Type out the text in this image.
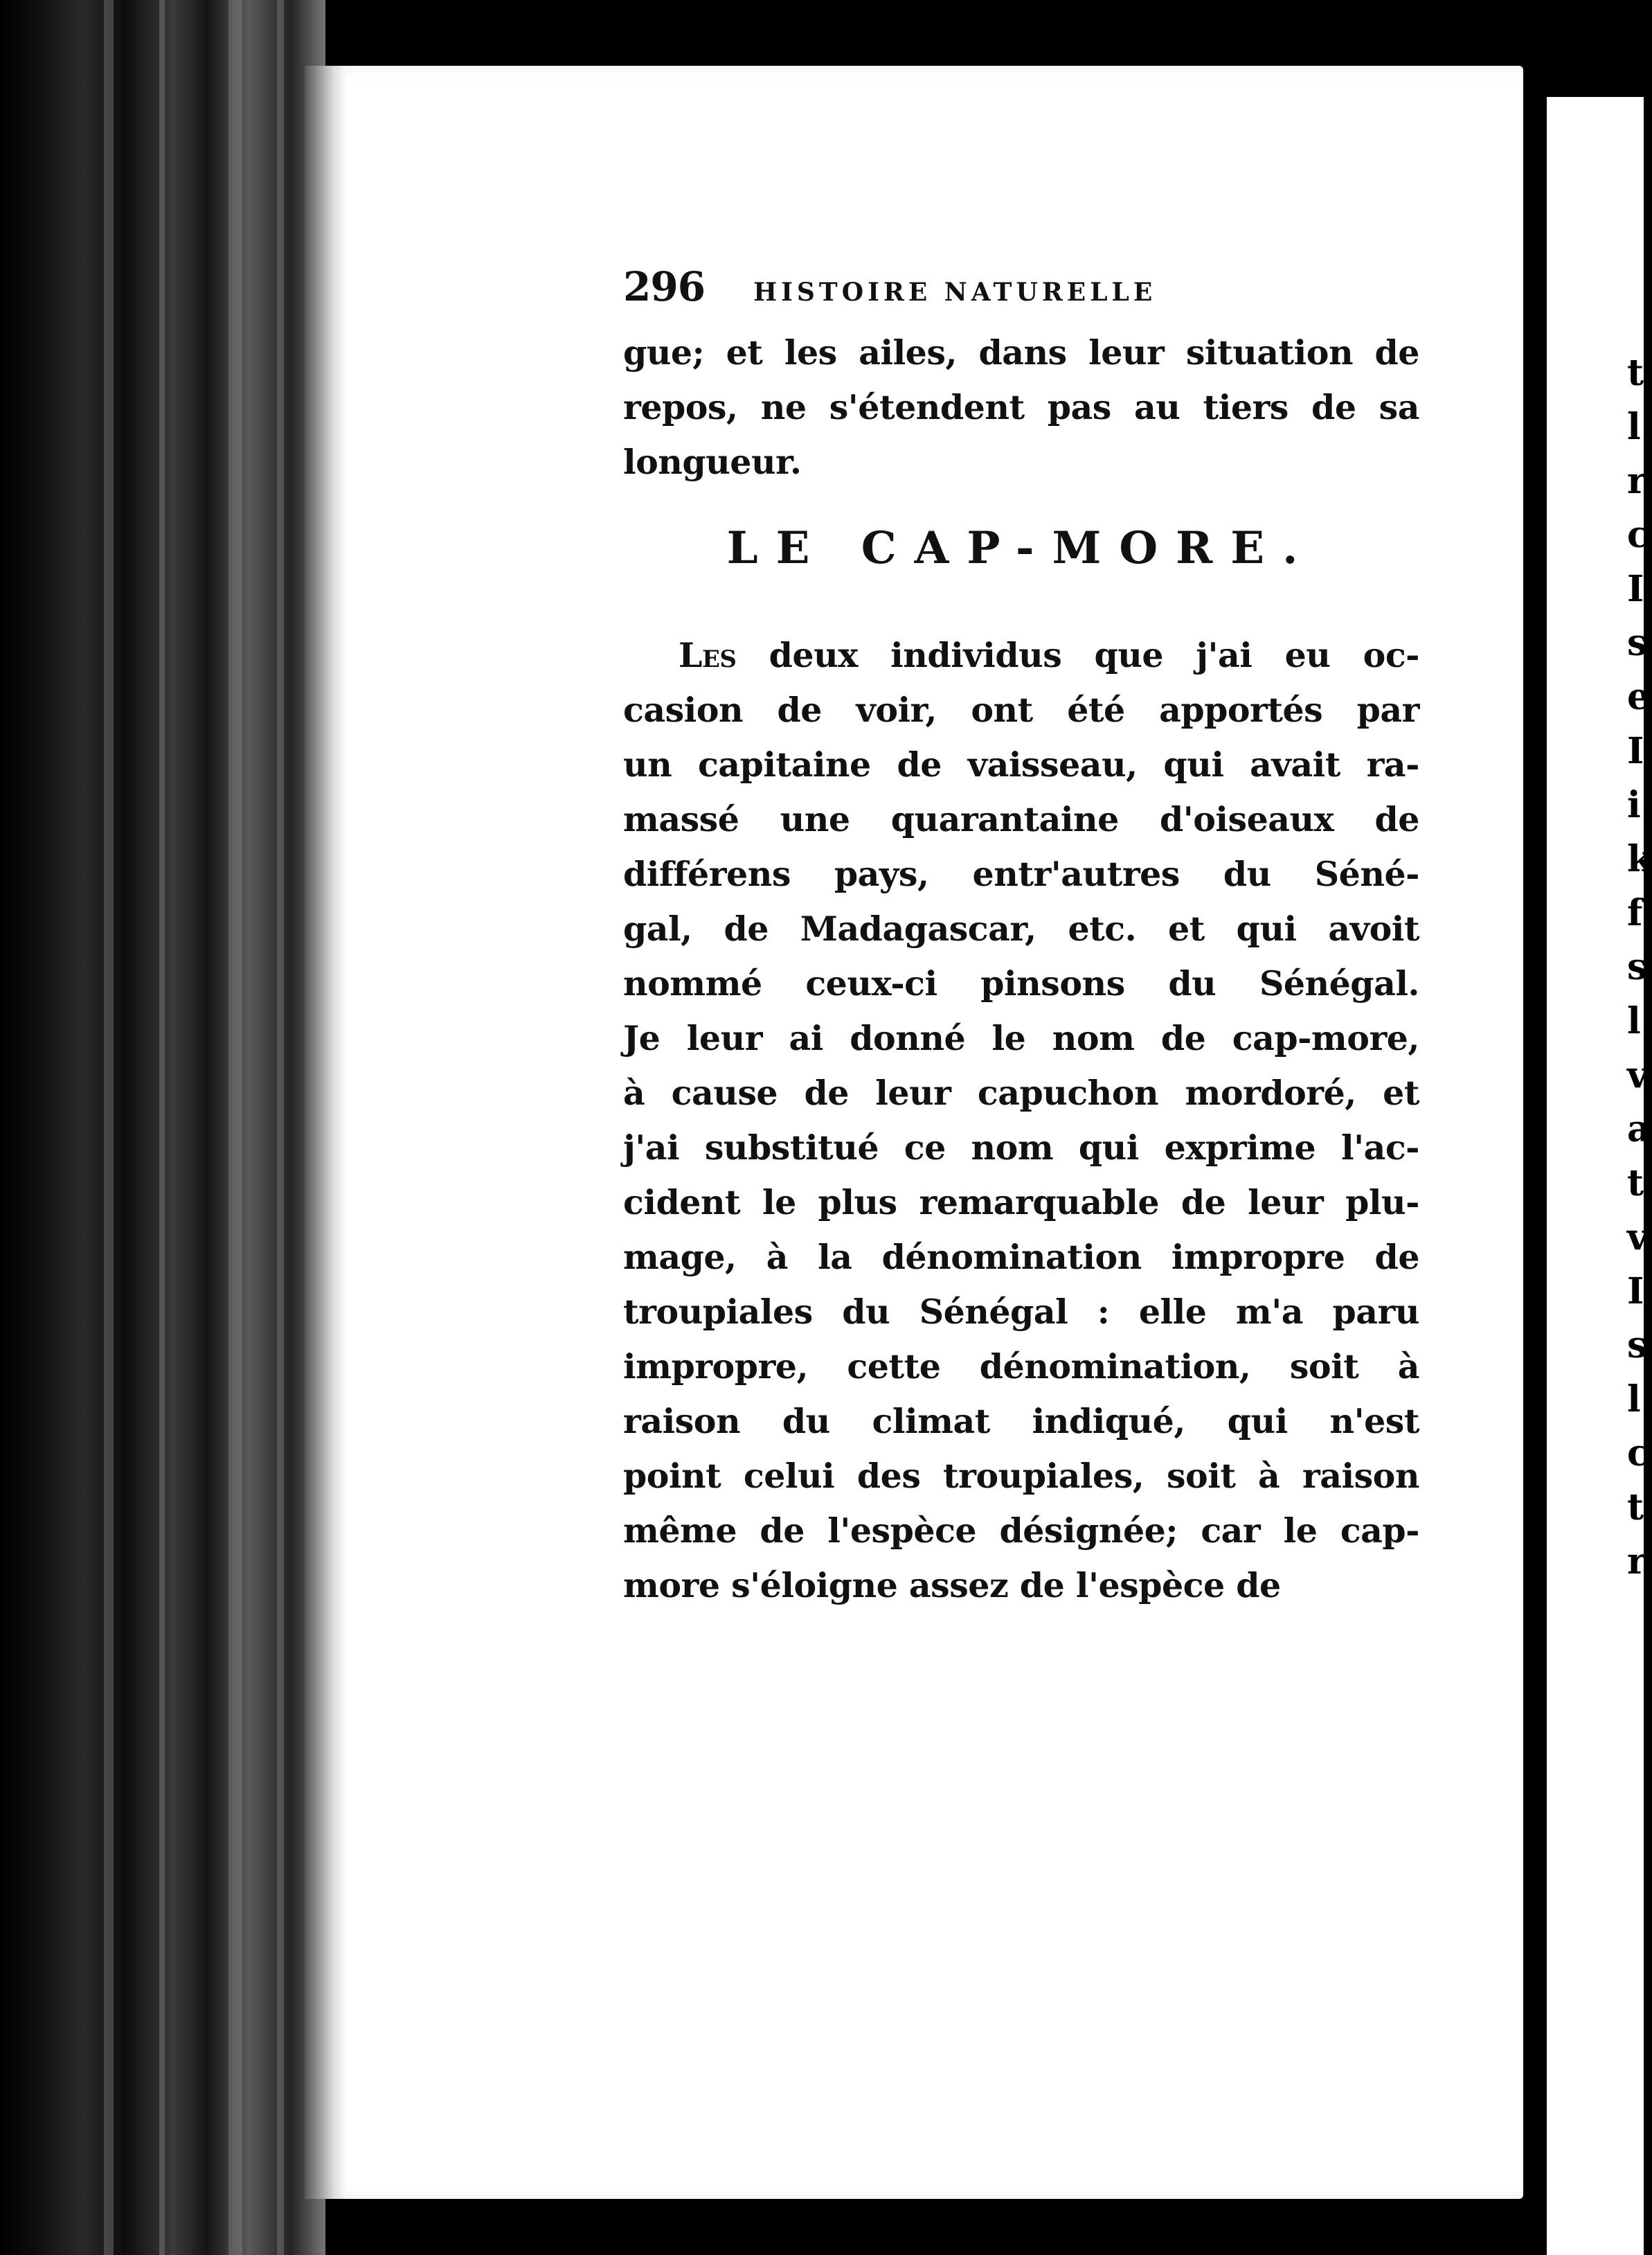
t
l
r
c
I
s
e
I
i
k
f
s
l
v
a
t
v
I
s
l
c
t
r
296 HISTOIRE NATURELLE
gue; et les ailes, dans leur situation de
repos, ne s'étendent pas au tiers de sa
longueur.
LE CAP-MORE.
Les deux individus que j'ai eu oc-
casion de voir, ont été apportés par
un capitaine de vaisseau, qui avait ra-
massé une quarantaine d'oiseaux de
différens pays, entr'autres du Séné-
gal, de Madagascar, etc. et qui avoit
nommé ceux-ci pinsons du Sénégal.
Je leur ai donné le nom de cap-more,
à cause de leur capuchon mordoré, et
j'ai substitué ce nom qui exprime l'ac-
cident le plus remarquable de leur plu-
mage, à la dénomination impropre de
troupiales du Sénégal : elle m'a paru
impropre, cette dénomination, soit à
raison du climat indiqué, qui n'est
point celui des troupiales, soit à raison
même de l'espèce désignée; car le cap-
more s'éloigne assez de l'espèce de
